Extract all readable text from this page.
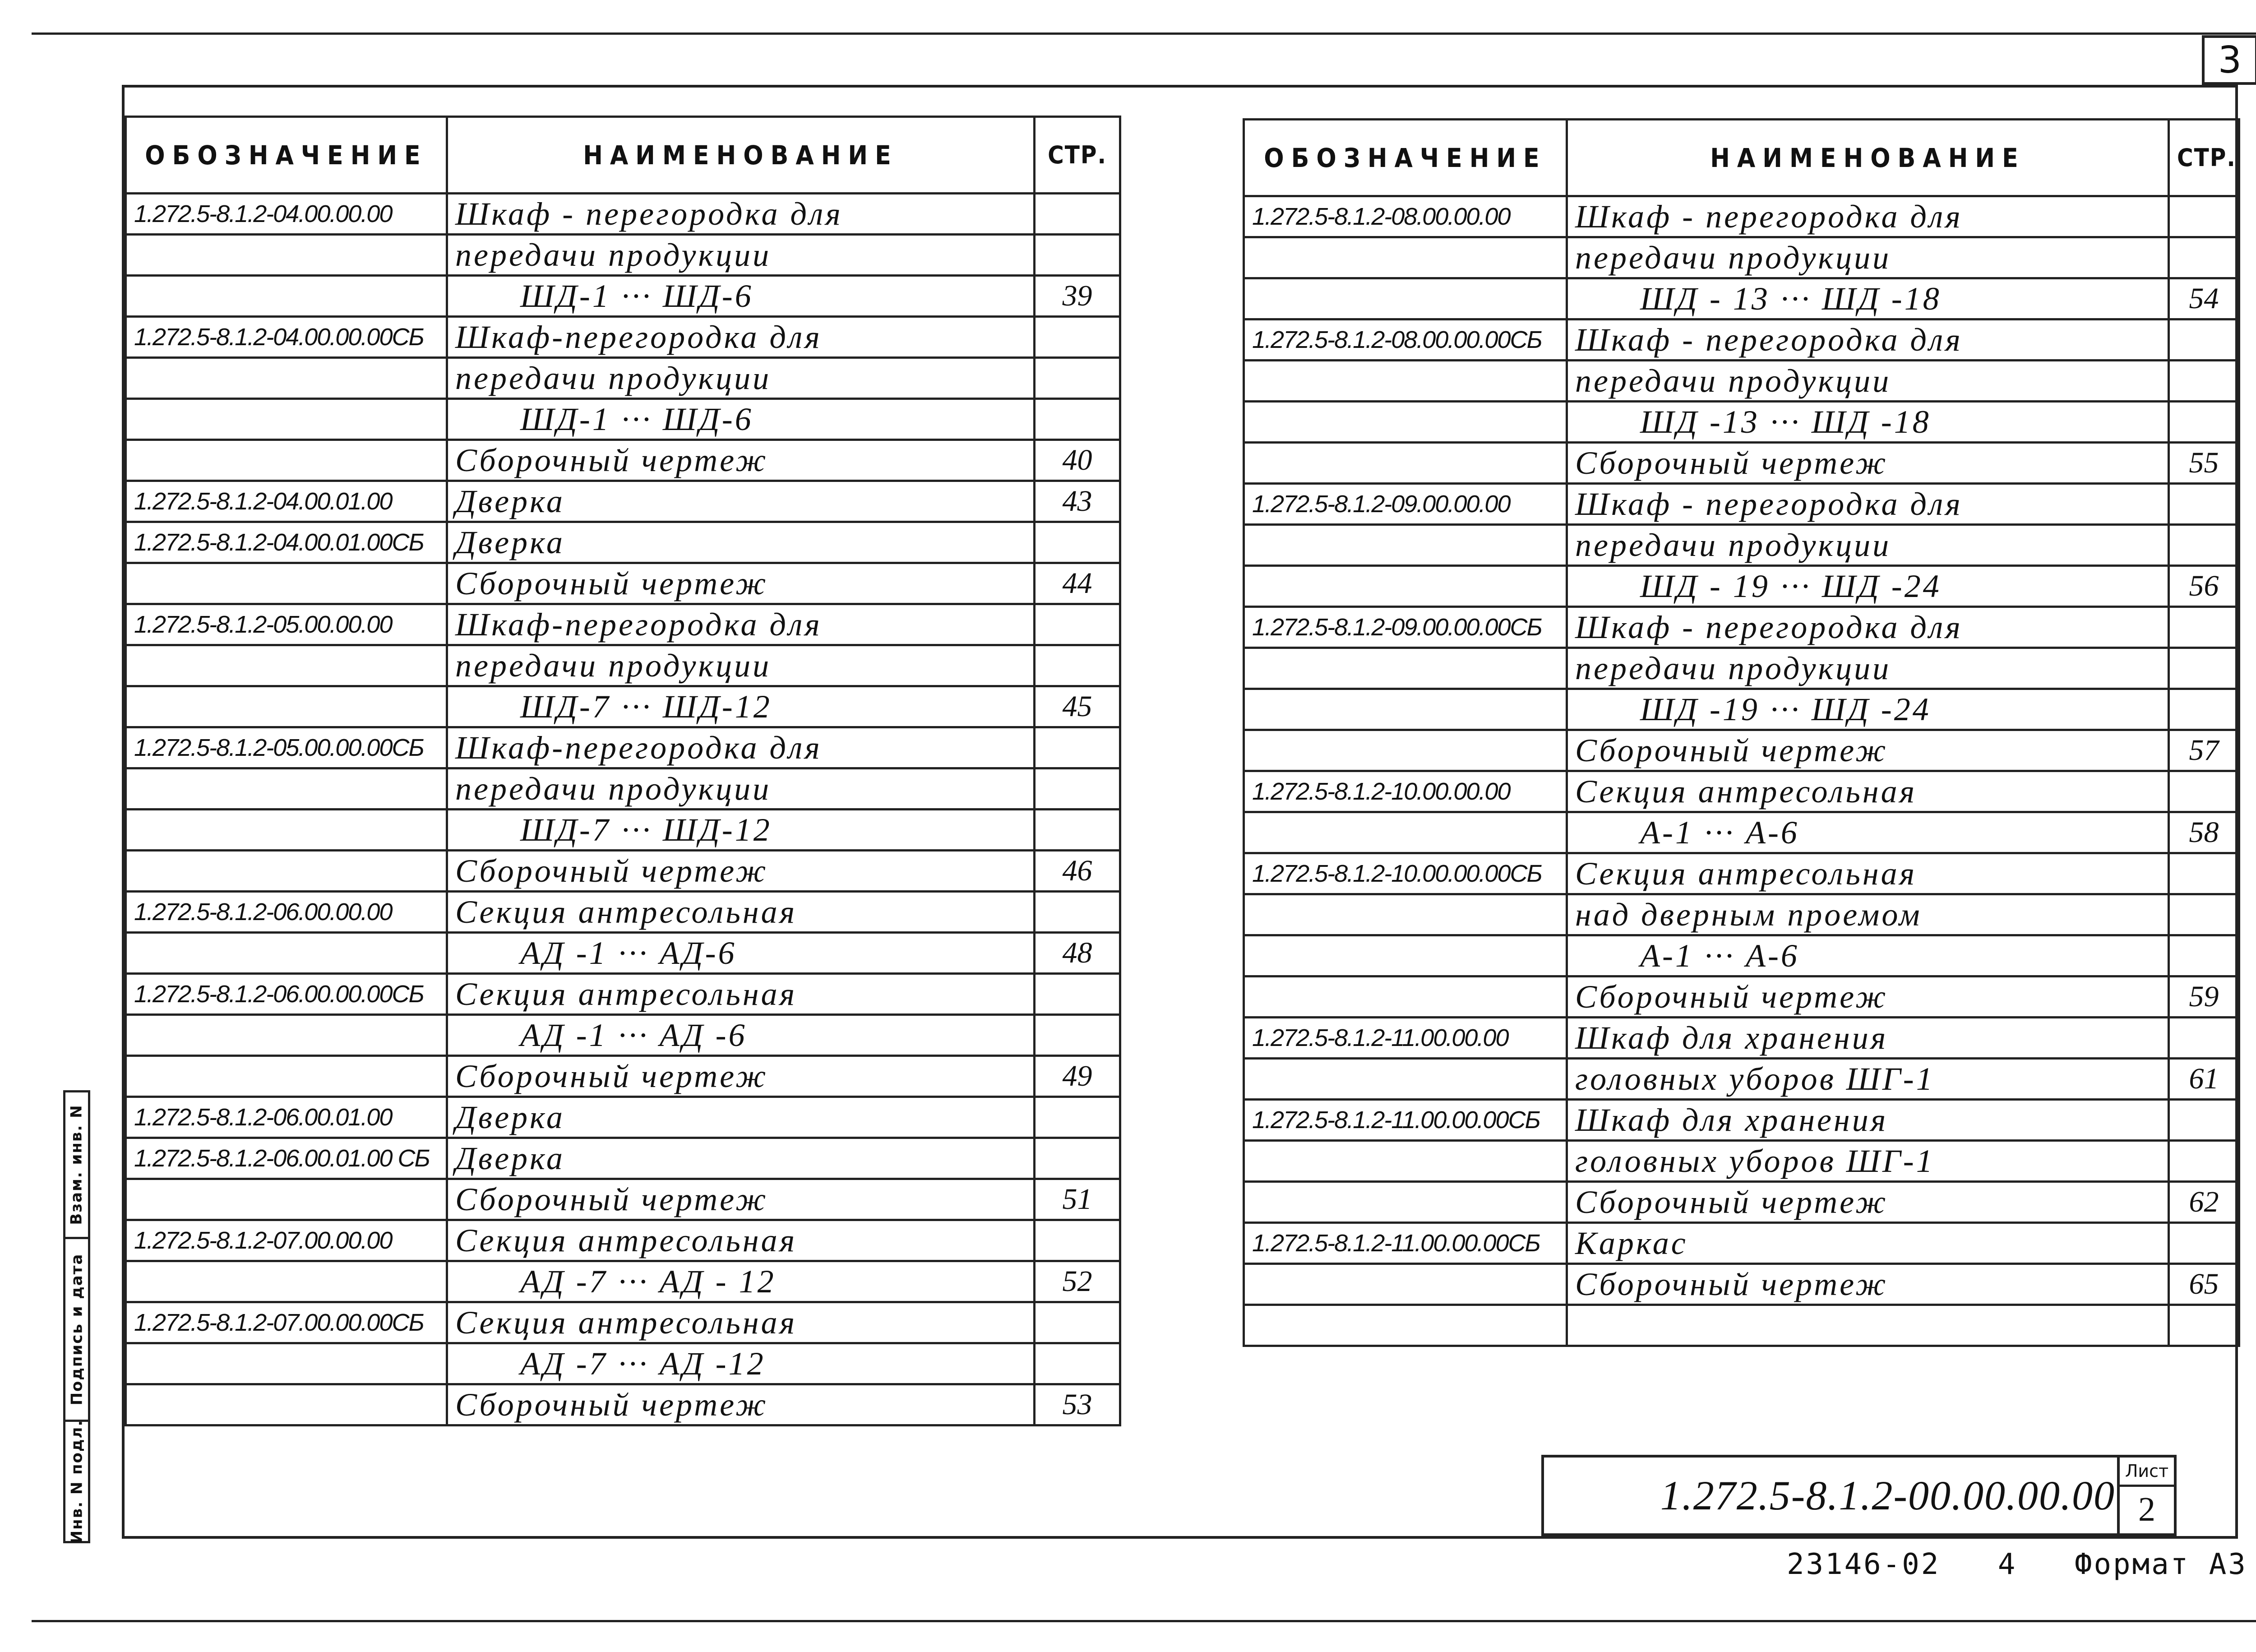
3
ОБОЗНАЧЕНИЕ	НАИМЕНОВАНИЕ	СТР.
1.272.5-8.1.2-04.00.00.00	Шкаф - перегородка для	
	передачи продукции	
	ШД-1 ··· ШД-6	39
1.272.5-8.1.2-04.00.00.00СБ	Шкаф-перегородка для	
	передачи продукции	
	ШД-1 ··· ШД-6	
	Сборочный чертеж	40
1.272.5-8.1.2-04.00.01.00	Дверка	43
1.272.5-8.1.2-04.00.01.00СБ	Дверка	
	Сборочный чертеж	44
1.272.5-8.1.2-05.00.00.00	Шкаф-перегородка для	
	передачи продукции	
	ШД-7 ··· ШД-12	45
1.272.5-8.1.2-05.00.00.00СБ	Шкаф-перегородка для	
	передачи продукции	
	ШД-7 ··· ШД-12	
	Сборочный чертеж	46
1.272.5-8.1.2-06.00.00.00	Секция антресольная	
	АД -1 ··· АД-6	48
1.272.5-8.1.2-06.00.00.00СБ	Секция антресольная	
	АД -1 ··· АД -6	
	Сборочный чертеж	49
1.272.5-8.1.2-06.00.01.00	Дверка	
1.272.5-8.1.2-06.00.01.00 СБ	Дверка	
	Сборочный чертеж	51
1.272.5-8.1.2-07.00.00.00	Секция антресольная	
	АД -7 ··· АД - 12	52
1.272.5-8.1.2-07.00.00.00СБ	Секция антресольная	
	АД -7 ··· АД -12	
	Сборочный чертеж	53
ОБОЗНАЧЕНИЕ	НАИМЕНОВАНИЕ	СТР.
1.272.5-8.1.2-08.00.00.00	Шкаф - перегородка для	
	передачи продукции	
	ШД - 13 ··· ШД -18	54
1.272.5-8.1.2-08.00.00.00СБ	Шкаф - перегородка для	
	передачи продукции	
	ШД -13 ··· ШД -18	
	Сборочный чертеж	55
1.272.5-8.1.2-09.00.00.00	Шкаф - перегородка для	
	передачи продукции	
	ШД - 19 ··· ШД -24	56
1.272.5-8.1.2-09.00.00.00СБ	Шкаф - перегородка для	
	передачи продукции	
	ШД -19 ··· ШД -24	
	Сборочный чертеж	57
1.272.5-8.1.2-10.00.00.00	Секция антресольная	
	А-1 ··· А-6	58
1.272.5-8.1.2-10.00.00.00СБ	Секция антресольная	
	над дверным проемом	
	А-1 ··· А-6	
	Сборочный чертеж	59
1.272.5-8.1.2-11.00.00.00	Шкаф для хранения	
	головных уборов ШГ-1	61
1.272.5-8.1.2-11.00.00.00СБ	Шкаф для хранения	
	головных уборов ШГ-1	
	Сборочный чертеж	62
1.272.5-8.1.2-11.00.00.00СБ	Каркас	
	Сборочный чертеж	65

Взам. инв. N
Подпись и дата
Инв. N подл.	1.272.5-8.1.2-00.00.00.00
Лист
2
23146-02 4 Формат А3
